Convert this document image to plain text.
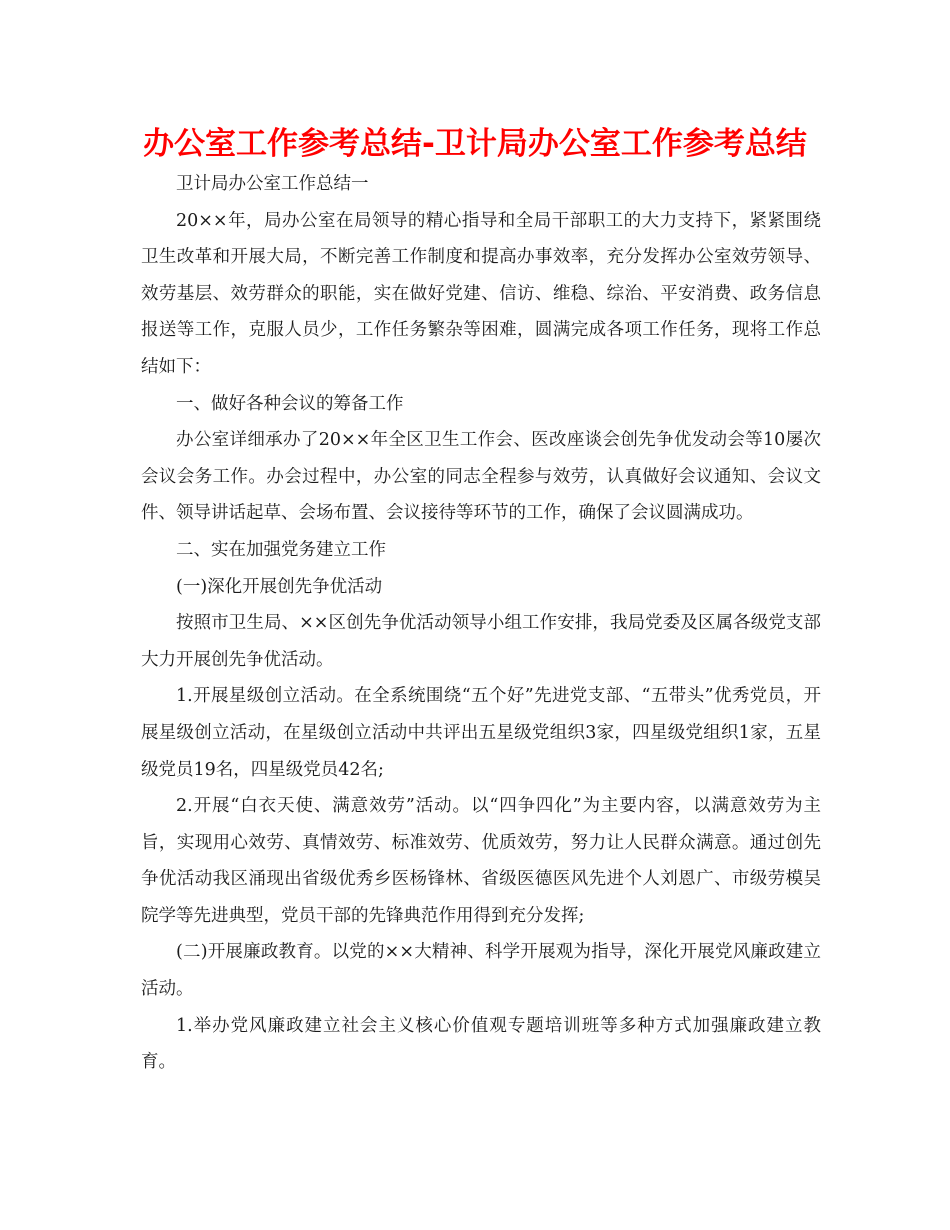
办公室工作参考总结-卫计局办公室工作参考总结

卫计局办公室工作总结一

20××年，局办公室在局领导的精心指导和全局干部职工的大力支持下，紧紧围绕卫生改革和开展大局，不断完善工作制度和提高办事效率，充分发挥办公室效劳领导、效劳基层、效劳群众的职能，实在做好党建、信访、维稳、综治、平安消费、政务信息报送等工作，克服人员少，工作任务繁杂等困难，圆满完成各项工作任务，现将工作总结如下：

一、做好各种会议的筹备工作

办公室详细承办了20××年全区卫生工作会、医改座谈会创先争优发动会等10屡次会议会务工作。办会过程中，办公室的同志全程参与效劳，认真做好会议通知、会议文件、领导讲话起草、会场布置、会议接待等环节的工作，确保了会议圆满成功。

二、实在加强党务建立工作

(一)深化开展创先争优活动

按照市卫生局、××区创先争优活动领导小组工作安排，我局党委及区属各级党支部大力开展创先争优活动。

1.开展星级创立活动。在全系统围绕“五个好”先进党支部、“五带头”优秀党员，开展星级创立活动，在星级创立活动中共评出五星级党组织3家，四星级党组织1家，五星级党员19名，四星级党员42名;

2.开展“白衣天使、满意效劳”活动。以“四争四化”为主要内容，以满意效劳为主旨，实现用心效劳、真情效劳、标准效劳、优质效劳，努力让人民群众满意。通过创先争优活动我区涌现出省级优秀乡医杨锋林、省级医德医风先进个人刘恩广、市级劳模吴院学等先进典型，党员干部的先锋典范作用得到充分发挥;

(二)开展廉政教育。以党的××大精神、科学开展观为指导，深化开展党风廉政建立活动。

1.举办党风廉政建立社会主义核心价值观专题培训班等多种方式加强廉政建立教育。
